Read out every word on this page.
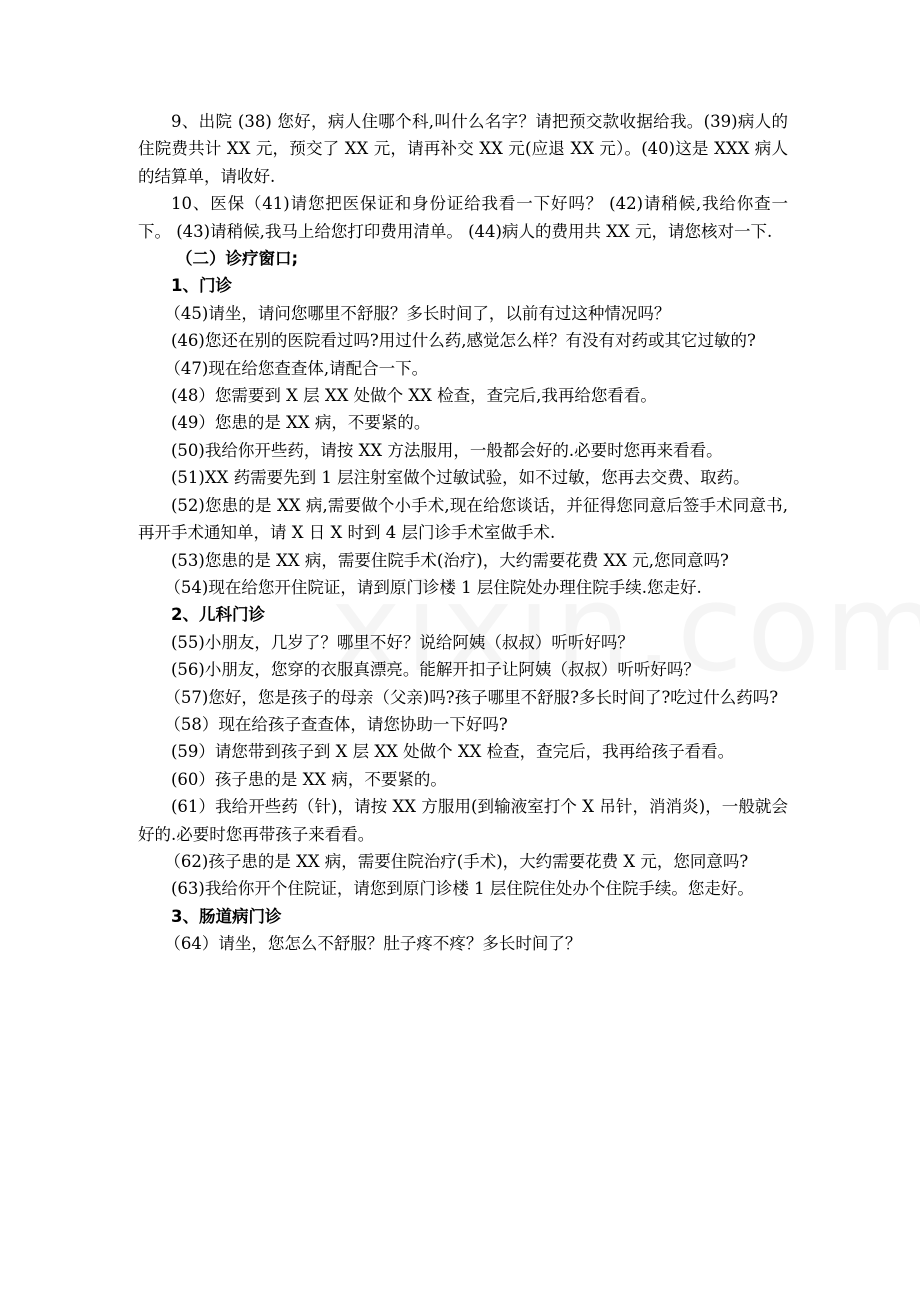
9、出院 (38) 您好，病人住哪个科,叫什么名字？请把预交款收据给我。(39)病人的住院费共计 XX 元，预交了 XX 元，请再补交 XX 元(应退 XX 元）。(40)这是 XXX 病人的结算单，请收好.

10、医保（41)请您把医保证和身份证给我看一下好吗？ (42)请稍候,我给你查一下。 (43)请稍候,我马上给您打印费用清单。 (44)病人的费用共 XX 元，请您核对一下.

（二）诊疗窗口;

1、门诊

（45)请坐，请问您哪里不舒服？多长时间了，以前有过这种情况吗？

(46)您还在别的医院看过吗?用过什么药,感觉怎么样？有没有对药或其它过敏的?

（47)现在给您查查体,请配合一下。

(48）您需要到 X 层 XX 处做个 XX 检查，查完后,我再给您看看。

(49）您患的是 XX 病，不要紧的。

(50)我给你开些药，请按 XX 方法服用，一般都会好的.必要时您再来看看。

(51)XX 药需要先到 1 层注射室做个过敏试验，如不过敏，您再去交费、取药。

(52)您患的是 XX 病,需要做个小手术,现在给您谈话，并征得您同意后签手术同意书,再开手术通知单，请 X 日 X 时到 4 层门诊手术室做手术.

(53)您患的是 XX 病，需要住院手术(治疗)，大约需要花费 XX 元,您同意吗?

（54)现在给您开住院证，请到原门诊楼 1 层住院处办理住院手续.您走好.

2、儿科门诊

(55)小朋友，几岁了？哪里不好？说给阿姨（叔叔）听听好吗？

(56)小朋友，您穿的衣服真漂亮。能解开扣子让阿姨（叔叔）听听好吗？

（57)您好，您是孩子的母亲（父亲)吗?孩子哪里不舒服?多长时间了?吃过什么药吗?

（58）现在给孩子查查体，请您协助一下好吗?

(59）请您带到孩子到 X 层 XX 处做个 XX 检查，查完后，我再给孩子看看。

(60）孩子患的是 XX 病，不要紧的。

(61）我给开些药（针)，请按 XX 方服用(到输液室打个 X 吊针，消消炎)，一般就会好的.必要时您再带孩子来看看。

（62)孩子患的是 XX 病，需要住院治疗(手术)，大约需要花费 X 元，您同意吗?

(63)我给你开个住院证，请您到原门诊楼 1 层住院住处办个住院手续。您走好。

3、肠道病门诊

（64）请坐，您怎么不舒服？肚子疼不疼？多长时间了？
